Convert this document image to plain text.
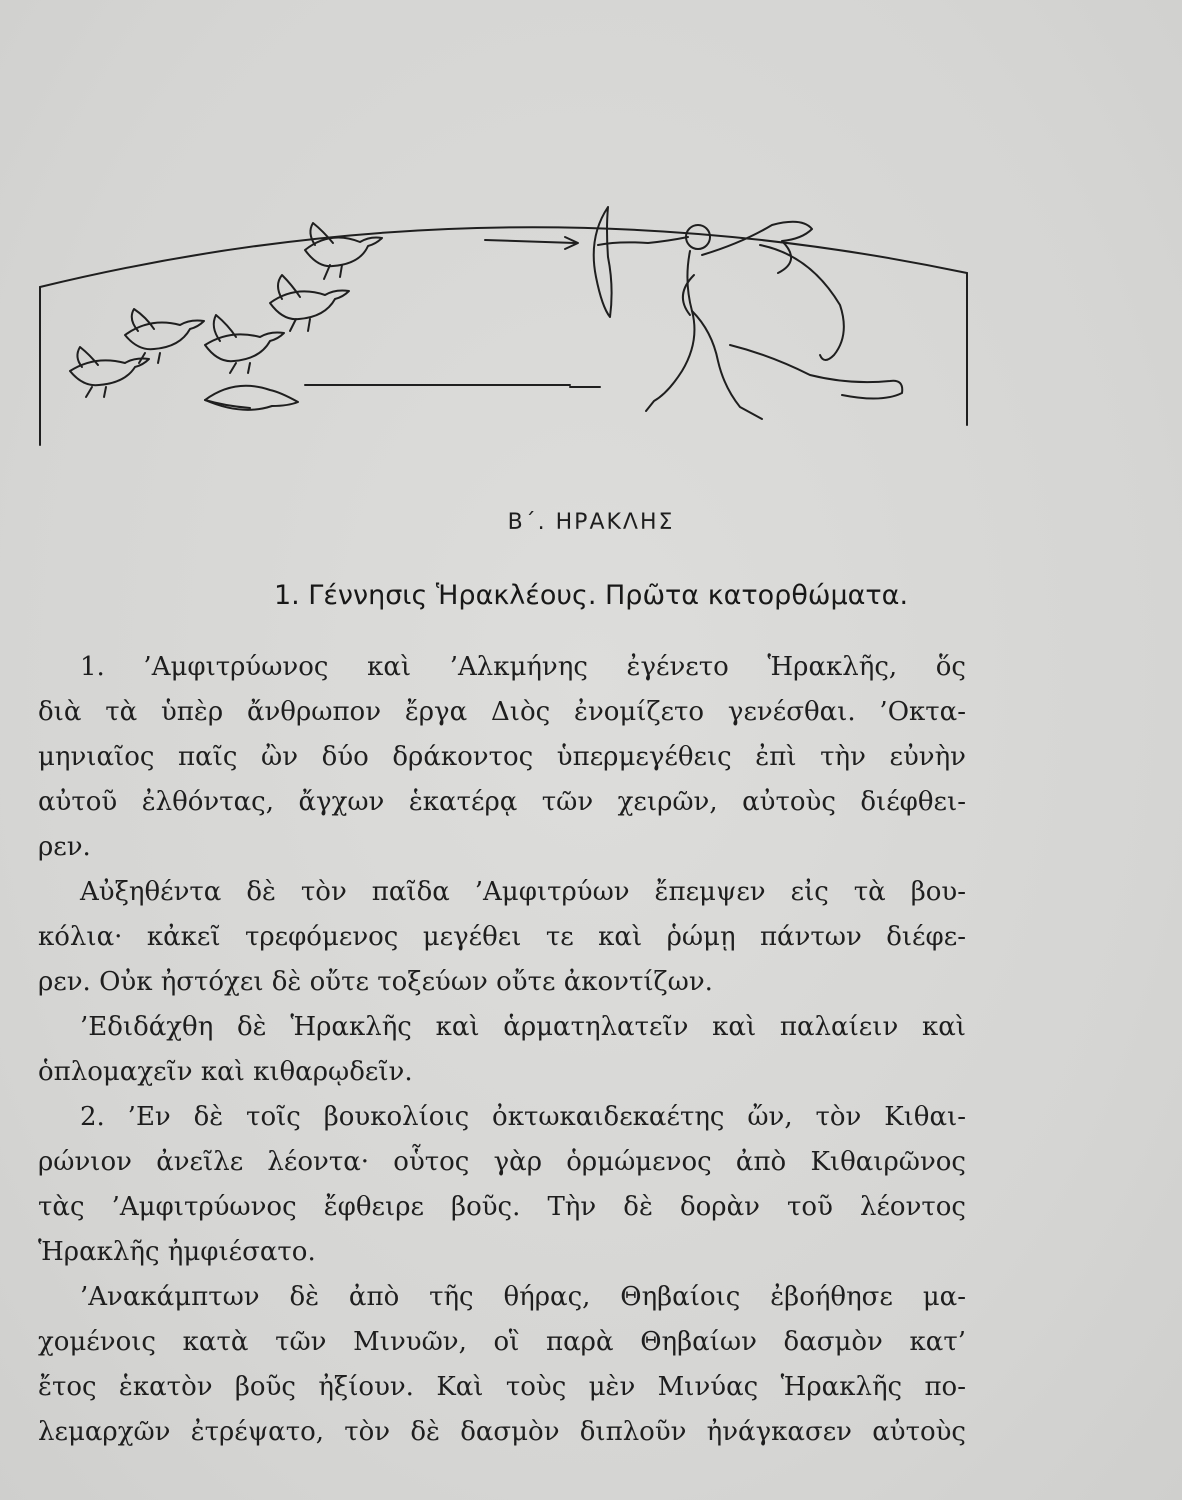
Β΄. ΗΡΑΚΛΗΣ
1. Γέννησις Ἡρακλέους. Πρῶτα κατορθώματα.
1. ’Αμφιτρύωνος καὶ ’Αλκμήνης ἐγένετο Ἡρακλῆς, ὅς
διὰ τὰ ὑπὲρ ἄνθρωπον ἔργα Διὸς ἐνομίζετο γενέσθαι. ’Οκτα-
μηνιαῖος παῖς ὢν δύο δράκοντος ὑπερμεγέθεις ἐπὶ τὴν εὐνὴν
αὐτοῦ ἐλθόντας, ἄγχων ἑκατέρᾳ τῶν χειρῶν, αὐτοὺς διέφθει-
ρεν.
Αὐξηθέντα δὲ τὸν παῖδα ’Αμφιτρύων ἔπεμψεν εἰς τὰ βου-
κόλια· κἀκεῖ τρεφόμενος μεγέθει τε καὶ ῥώμῃ πάντων διέφε-
ρεν. Οὐκ ἠστόχει δὲ οὔτε τοξεύων οὔτε ἀκοντίζων.
’Εδιδάχθη δὲ Ἡρακλῆς καὶ ἁρματηλατεῖν καὶ παλαίειν καὶ
ὁπλομαχεῖν καὶ κιθαρῳδεῖν.
2. ’Εν δὲ τοῖς βουκολίοις ὀκτωκαιδεκαέτης ὤν, τὸν Κιθαι-
ρώνιον ἀνεῖλε λέοντα· οὗτος γὰρ ὁρμώμενος ἀπὸ Κιθαιρῶνος
τὰς ’Αμφιτρύωνος ἔφθειρε βοῦς. Τὴν δὲ δορὰν τοῦ λέοντος
Ἡρακλῆς ἠμφιέσατο.
’Ανακάμπτων δὲ ἀπὸ τῆς θήρας, Θηβαίοις ἐβοήθησε μα-
χομένοις κατὰ τῶν Μινυῶν, οἳ παρὰ Θηβαίων δασμὸν κατ’
ἔτος ἑκατὸν βοῦς ἠξίουν. Καὶ τοὺς μὲν Μινύας Ἡρακλῆς πο-
λεμαρχῶν ἐτρέψατο, τὸν δὲ δασμὸν διπλοῦν ἠνάγκασεν αὐτοὺς
